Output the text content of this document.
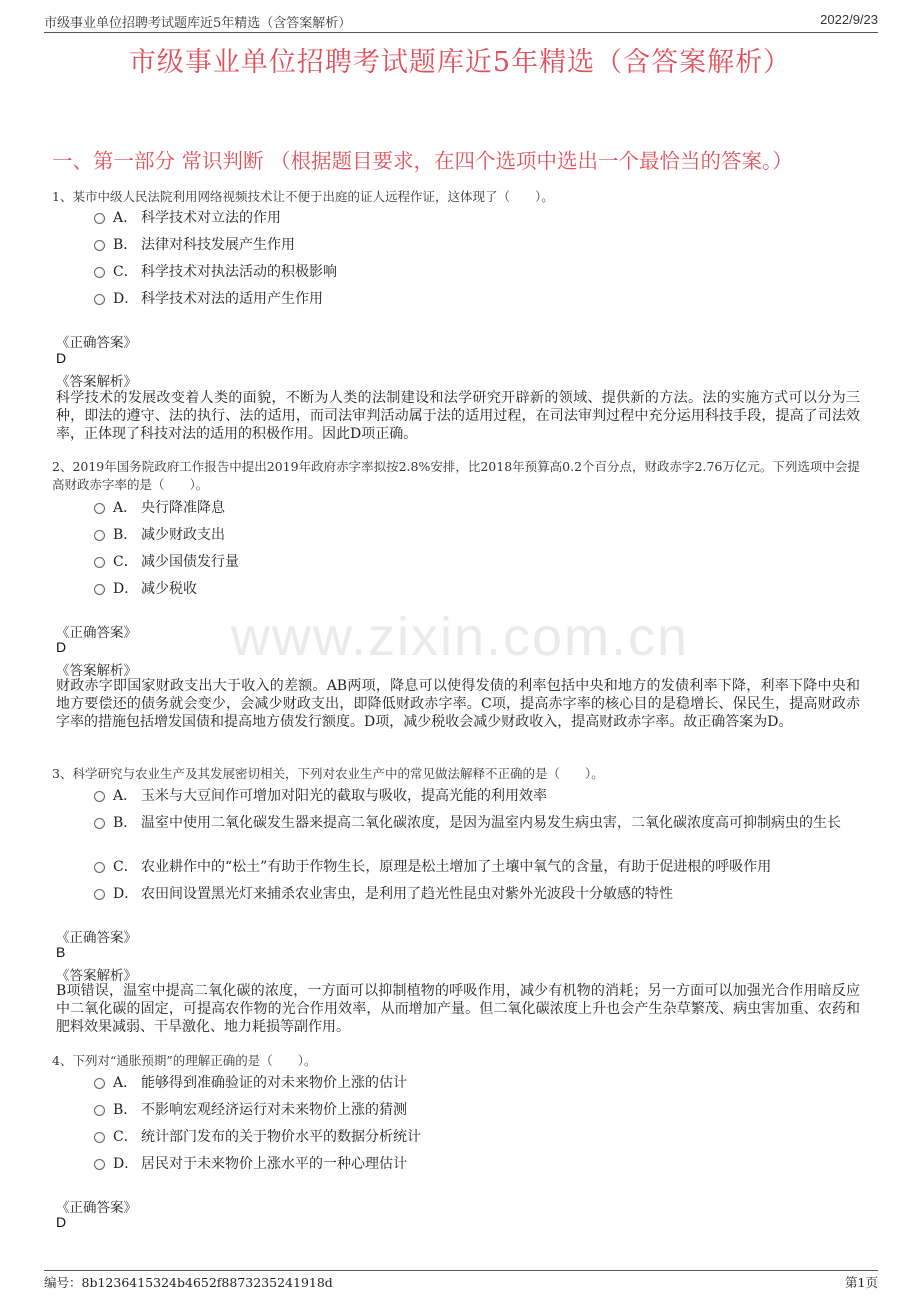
市级事业单位招聘考试题库近5年精选（含答案解析）	2022/9/23
市级事业单位招聘考试题库近5年精选（含答案解析）
一、第一部分 常识判断 （根据题目要求，在四个选项中选出一个最恰当的答案。）
www.zixin.com.cn
1、某市中级人民法院利用网络视频技术让不便于出庭的证人远程作证，这体现了（　　）。
A． 科学技术对立法的作用
B． 法律对科技发展产生作用
C． 科学技术对执法活动的积极影响
D． 科学技术对法的适用产生作用
《正确答案》
D
《答案解析》
科学技术的发展改变着人类的面貌，不断为人类的法制建设和法学研究开辟新的领域、提供新的方法。法的实施方式可以分为三种，即法的遵守、法的执行、法的适用，而司法审判活动属于法的适用过程，在司法审判过程中充分运用科技手段，提高了司法效率，正体现了科技对法的适用的积极作用。因此D项正确。
2、2019年国务院政府工作报告中提出2019年政府赤字率拟按2.8%安排，比2018年预算高0.2个百分点，财政赤字2.76万亿元。下列选项中会提高财政赤字率的是（　　）。
A． 央行降准降息
B． 减少财政支出
C． 减少国债发行量
D． 减少税收
《正确答案》
D
《答案解析》
财政赤字即国家财政支出大于收入的差额。AB两项，降息可以使得发债的利率包括中央和地方的发债利率下降，利率下降中央和地方要偿还的债务就会变少，会减少财政支出，即降低财政赤字率。C项，提高赤字率的核心目的是稳增长、保民生，提高财政赤字率的措施包括增发国债和提高地方债发行额度。D项，减少税收会减少财政收入，提高财政赤字率。故正确答案为D。
3、科学研究与农业生产及其发展密切相关，下列对农业生产中的常见做法解释不正确的是（　　）。
A． 玉米与大豆间作可增加对阳光的截取与吸收，提高光能的利用效率
B． 温室中使用二氧化碳发生器来提高二氧化碳浓度，是因为温室内易发生病虫害，二氧化碳浓度高可抑制病虫的生长
C． 农业耕作中的“松土”有助于作物生长，原理是松土增加了土壤中氧气的含量，有助于促进根的呼吸作用
D． 农田间设置黑光灯来捕杀农业害虫，是利用了趋光性昆虫对紫外光波段十分敏感的特性
《正确答案》
B
《答案解析》
B项错误，温室中提高二氧化碳的浓度，一方面可以抑制植物的呼吸作用，减少有机物的消耗；另一方面可以加强光合作用暗反应中二氧化碳的固定，可提高农作物的光合作用效率，从而增加产量。但二氧化碳浓度上升也会产生杂草繁茂、病虫害加重、农药和肥料效果减弱、干旱激化、地力耗损等副作用。
4、下列对“通胀预期”的理解正确的是（　　）。
A． 能够得到准确验证的对未来物价上涨的估计
B． 不影响宏观经济运行对未来物价上涨的猜测
C． 统计部门发布的关于物价水平的数据分析统计
D． 居民对于未来物价上涨水平的一种心理估计
《正确答案》
D
编号：8b1236415324b4652f8873235241918d	第1页
